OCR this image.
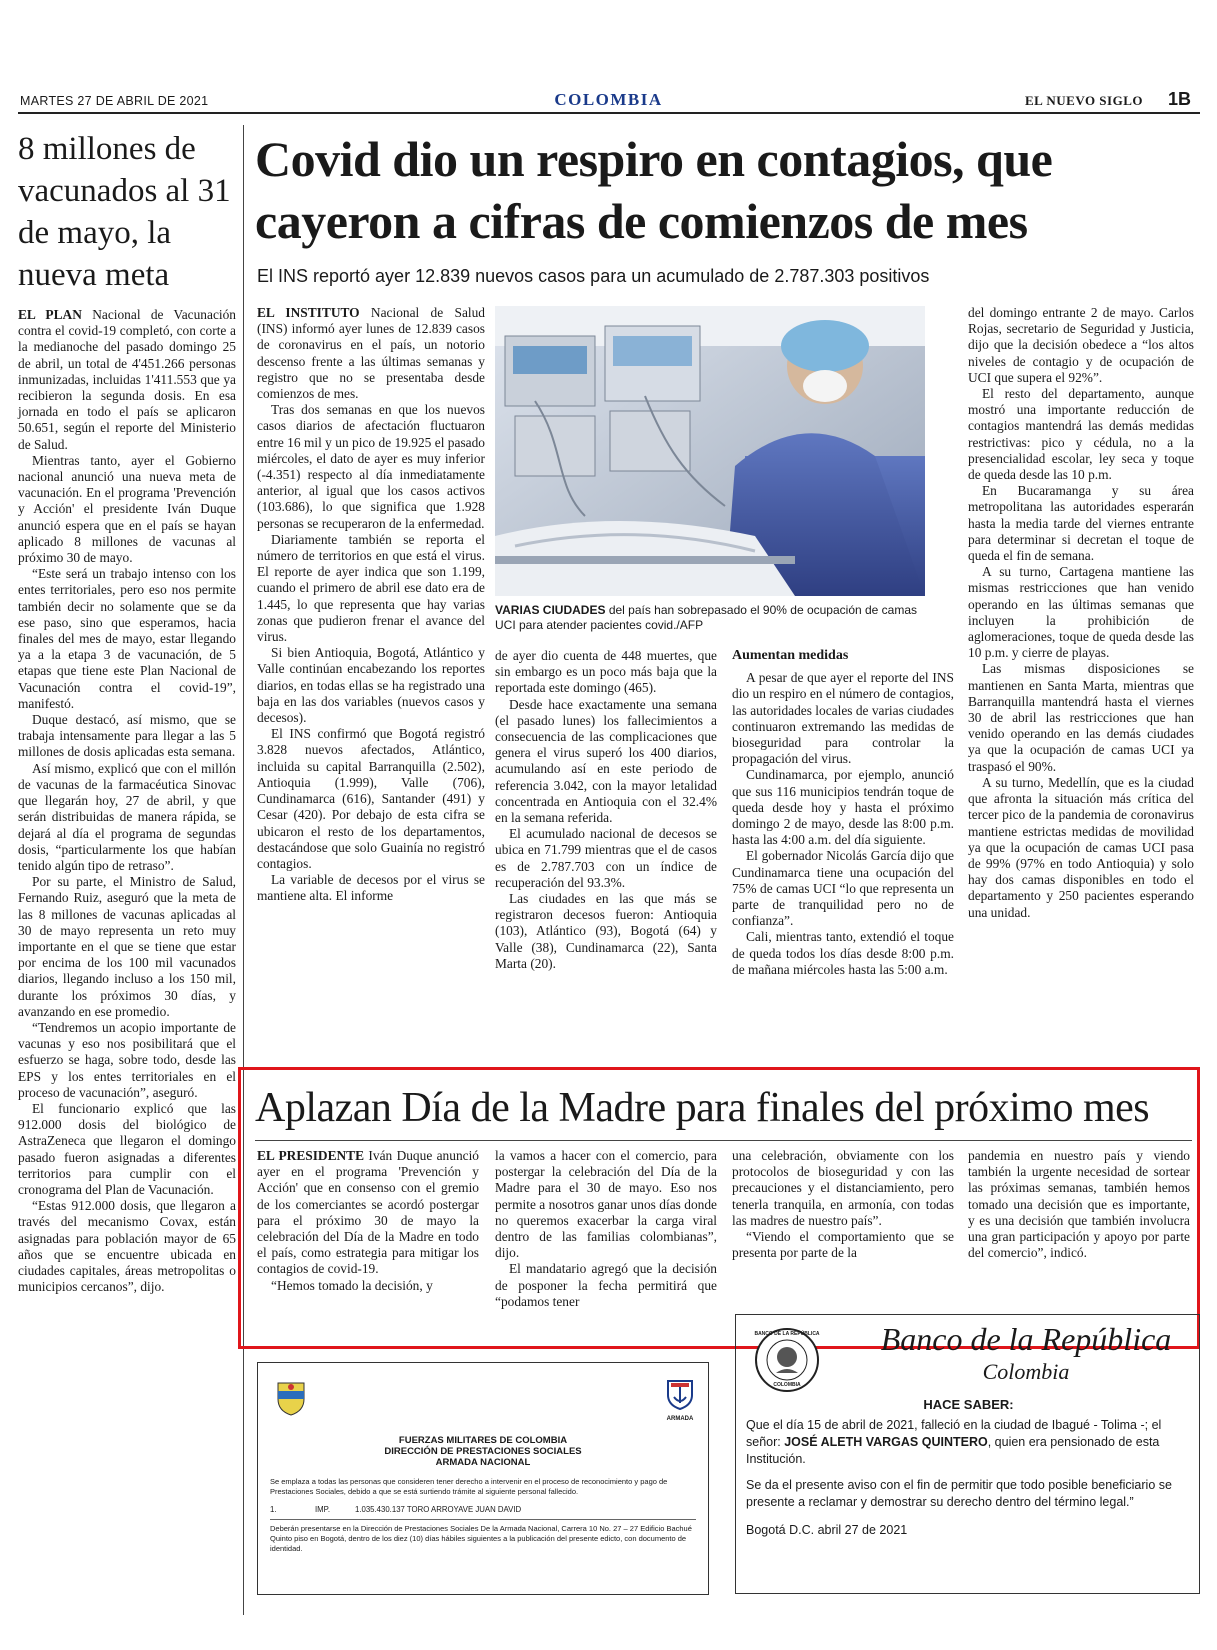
MARTES 27 DE ABRIL DE 2021	COLOMBIA	EL NUEVO SIGLO 1B
8 millones de vacunados al 31 de mayo, la nueva meta

EL PLAN Nacional de Vacunación contra el covid-19 completó, con corte a la medianoche del pasado domingo 25 de abril, un total de 4'451.266 personas inmunizadas, incluidas 1'411.553 que ya recibieron la segunda dosis. En esa jornada en todo el país se aplicaron 50.651, según el reporte del Ministerio de Salud.

Mientras tanto, ayer el Gobierno nacional anunció una nueva meta de vacunación. En el programa 'Prevención y Acción' el presidente Iván Duque anunció espera que en el país se hayan aplicado 8 millones de vacunas al próximo 30 de mayo.

“Este será un trabajo intenso con los entes territoriales, pero eso nos permite también decir no solamente que se da ese paso, sino que esperamos, hacia finales del mes de mayo, estar llegando ya a la etapa 3 de vacunación, de 5 etapas que tiene este Plan Nacional de Vacunación contra el covid-19”, manifestó.

Duque destacó, así mismo, que se trabaja intensamente para llegar a las 5 millones de dosis aplicadas esta semana.

Así mismo, explicó que con el millón de vacunas de la farmacéutica Sinovac que llegarán hoy, 27 de abril, y que serán distribuidas de manera rápida, se dejará al día el programa de segundas dosis, “particularmente los que habían tenido algún tipo de retraso”.

Por su parte, el Ministro de Salud, Fernando Ruiz, aseguró que la meta de las 8 millones de vacunas aplicadas al 30 de mayo representa un reto muy importante en el que se tiene que estar por encima de los 100 mil vacunados diarios, llegando incluso a los 150 mil, durante los próximos 30 días, y avanzando en ese promedio.

“Tendremos un acopio importante de vacunas y eso nos posibilitará que el esfuerzo se haga, sobre todo, desde las EPS y los entes territoriales en el proceso de vacunación”, aseguró.

El funcionario explicó que las 912.000 dosis del biológico de AstraZeneca que llegaron el domingo pasado fueron asignadas a diferentes territorios para cumplir con el cronograma del Plan de Vacunación.

“Estas 912.000 dosis, que llegaron a través del mecanismo Covax, están asignadas para población mayor de 65 años que se encuentre ubicada en ciudades capitales, áreas metropolitas o municipios cercanos”, dijo.

Covid dio un respiro en contagios, que cayeron a cifras de comienzos de mes
El INS reportó ayer 12.839 nuevos casos para un acumulado de 2.787.303 positivos
VARIAS CIUDADES del país han sobrepasado el 90% de ocupación de camas UCI para atender pacientes covid./AFP

EL INSTITUTO Nacional de Salud (INS) informó ayer lunes de 12.839 casos de coronavirus en el país, un notorio descenso frente a las últimas semanas y registro que no se presentaba desde comienzos de mes.

Tras dos semanas en que los nuevos casos diarios de afectación fluctuaron entre 16 mil y un pico de 19.925 el pasado miércoles, el dato de ayer es muy inferior (-4.351) respecto al día inmediatamente anterior, al igual que los casos activos (103.686), lo que significa que 1.928 personas se recuperaron de la enfermedad.

Diariamente también se reporta el número de territorios en que está el virus. El reporte de ayer indica que son 1.199, cuando el primero de abril ese dato era de 1.445, lo que representa que hay varias zonas que pudieron frenar el avance del virus.

Si bien Antioquia, Bogotá, Atlántico y Valle continúan encabezando los reportes diarios, en todas ellas se ha registrado una baja en las dos variables (nuevos casos y decesos).

El INS confirmó que Bogotá registró 3.828 nuevos afectados, Atlántico, incluida su capital Barranquilla (2.502), Antioquia (1.999), Valle (706), Cundinamarca (616), Santander (491) y Cesar (420). Por debajo de esta cifra se ubicaron el resto de los departamentos, destacándose que solo Guainía no registró contagios.

La variable de decesos por el virus se mantiene alta. El informe

de ayer dio cuenta de 448 muertes, que sin embargo es un poco más baja que la reportada este domingo (465).

Desde hace exactamente una semana (el pasado lunes) los fallecimientos a consecuencia de las complicaciones que genera el virus superó los 400 diarios, acumulando así en este periodo de referencia 3.042, con la mayor letalidad concentrada en Antioquia con el 32.4% en la semana referida.

El acumulado nacional de decesos se ubica en 71.799 mientras que el de casos es de 2.787.703 con un índice de recuperación del 93.3%.

Las ciudades en las que más se registraron decesos fueron: Antioquia (103), Atlántico (93), Bogotá (64) y Valle (38), Cundinamarca (22), Santa Marta (20).

Aumentan medidas

A pesar de que ayer el reporte del INS dio un respiro en el número de contagios, las autoridades locales de varias ciudades continuaron extremando las medidas de bioseguridad para controlar la propagación del virus.

Cundinamarca, por ejemplo, anunció que sus 116 municipios tendrán toque de queda desde hoy y hasta el próximo domingo 2 de mayo, desde las 8:00 p.m. hasta las 4:00 a.m. del día siguiente.

El gobernador Nicolás García dijo que Cundinamarca tiene una ocupación del 75% de camas UCI “lo que representa un parte de tranquilidad pero no de confianza”.

Cali, mientras tanto, extendió el toque de queda todos los días desde 8:00 p.m. de mañana miércoles hasta las 5:00 a.m.

del domingo entrante 2 de mayo. Carlos Rojas, secretario de Seguridad y Justicia, dijo que la decisión obedece a “los altos niveles de contagio y de ocupación de UCI que supera el 92%”.

El resto del departamento, aunque mostró una importante reducción de contagios mantendrá las demás medidas restrictivas: pico y cédula, no a la presencialidad escolar, ley seca y toque de queda desde las 10 p.m.

En Bucaramanga y su área metropolitana las autoridades esperarán hasta la media tarde del viernes entrante para determinar si decretan el toque de queda el fin de semana.

A su turno, Cartagena mantiene las mismas restricciones que han venido operando en las últimas semanas que incluyen la prohibición de aglomeraciones, toque de queda desde las 10 p.m. y cierre de playas.

Las mismas disposiciones se mantienen en Santa Marta, mientras que Barranquilla mantendrá hasta el viernes 30 de abril las restricciones que han venido operando en las demás ciudades ya que la ocupación de camas UCI ya traspasó el 90%.

A su turno, Medellín, que es la ciudad que afronta la situación más crítica del tercer pico de la pandemia de coronavirus mantiene estrictas medidas de movilidad ya que la ocupación de camas UCI pasa de 99% (97% en todo Antioquia) y solo hay dos camas disponibles en todo el departamento y 250 pacientes esperando una unidad.

Aplazan Día de la Madre para finales del próximo mes

EL PRESIDENTE Iván Duque anunció ayer en el programa 'Prevención y Acción' que en consenso con el gremio de los comerciantes se acordó postergar para el próximo 30 de mayo la celebración del Día de la Madre en todo el país, como estrategia para mitigar los contagios de covid-19.

“Hemos tomado la decisión, y

la vamos a hacer con el comercio, para postergar la celebración del Día de la Madre para el 30 de mayo. Eso nos permite a nosotros ganar unos días donde no queremos exacerbar la carga viral dentro de las familias colombianas”, dijo.

El mandatario agregó que la decisión de posponer la fecha permitirá que “podamos tener

una celebración, obviamente con los protocolos de bioseguridad y con las precauciones y el distanciamiento, pero tenerla tranquila, en armonía, con todas las madres de nuestro país”.

“Viendo el comportamiento que se presenta por parte de la

pandemia en nuestro país y viendo también la urgente necesidad de sortear las próximas semanas, también hemos tomado una decisión que es importante, y es una decisión que también involucra una gran participación y apoyo por parte del comercio”, indicó.

ARMADA
FUERZAS MILITARES DE COLOMBIA
DIRECCIÓN DE PRESTACIONES SOCIALES
ARMADA NACIONAL
Se emplaza a todas las personas que consideren tener derecho a intervenir en el proceso de reconocimiento y pago de Prestaciones Sociales, debido a que se está surtiendo trámite al siguiente personal fallecido.
1.	IMP.	1.035.430.137 TORO ARROYAVE JUAN DAVID
Deberán presentarse en la Dirección de Prestaciones Sociales De la Armada Nacional, Carrera 10 No. 27 – 27 Edificio Bachué Quinto piso en Bogotá, dentro de los diez (10) días hábiles siguientes a la publicación del presente edicto, con documento de identidad.
BANCO DE LA REPÚBLICA
COLOMBIA
Banco de la República
Colombia
HACE SABER:
Que el día 15 de abril de 2021, falleció en la ciudad de Ibagué - Tolima -; el señor: JOSÉ ALETH VARGAS QUINTERO, quien era pensionado de esta Institución.
Se da el presente aviso con el fin de permitir que todo posible beneficiario se presente a reclamar y demostrar su derecho dentro del término legal.”
Bogotá D.C. abril 27 de 2021
